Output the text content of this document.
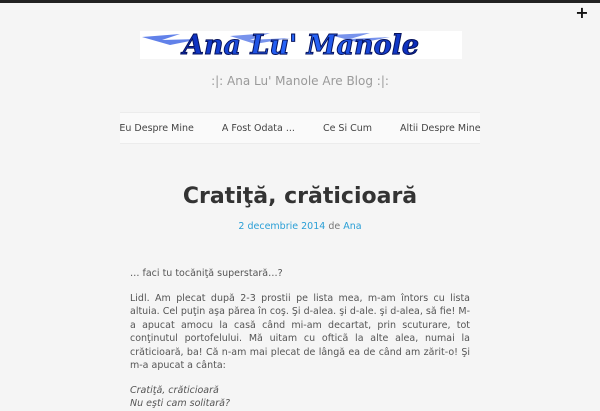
+
Ana Lu' Manole
:|: Ana Lu' Manole Are Blog :|:
Eu Despre Mine	A Fost Odata ...	Ce Si Cum	Altii Despre Mine
Cratiţă, crăticioară
2 decembrie 2014 de Ana

… faci tu tocăniţă superstară…?

Lidl. Am plecat după 2-3 prostii pe lista mea, m-am întors cu lista altuia. Cel puţin aşa părea în coş. Şi d-alea. şi d-ale. şi d-alea, să fie! M-a apucat amocu la casă când mi-am decartat, prin scuturare, tot conţinutul portofelului. Mă uitam cu ofticã la alte alea, numai la crăticioară, ba! Că n-am mai plecat de lângă ea de când am zărit-o! Şi m-a apucat a cânta:

Cratiţă, crăticioară

Nu eşti cam solitară?
